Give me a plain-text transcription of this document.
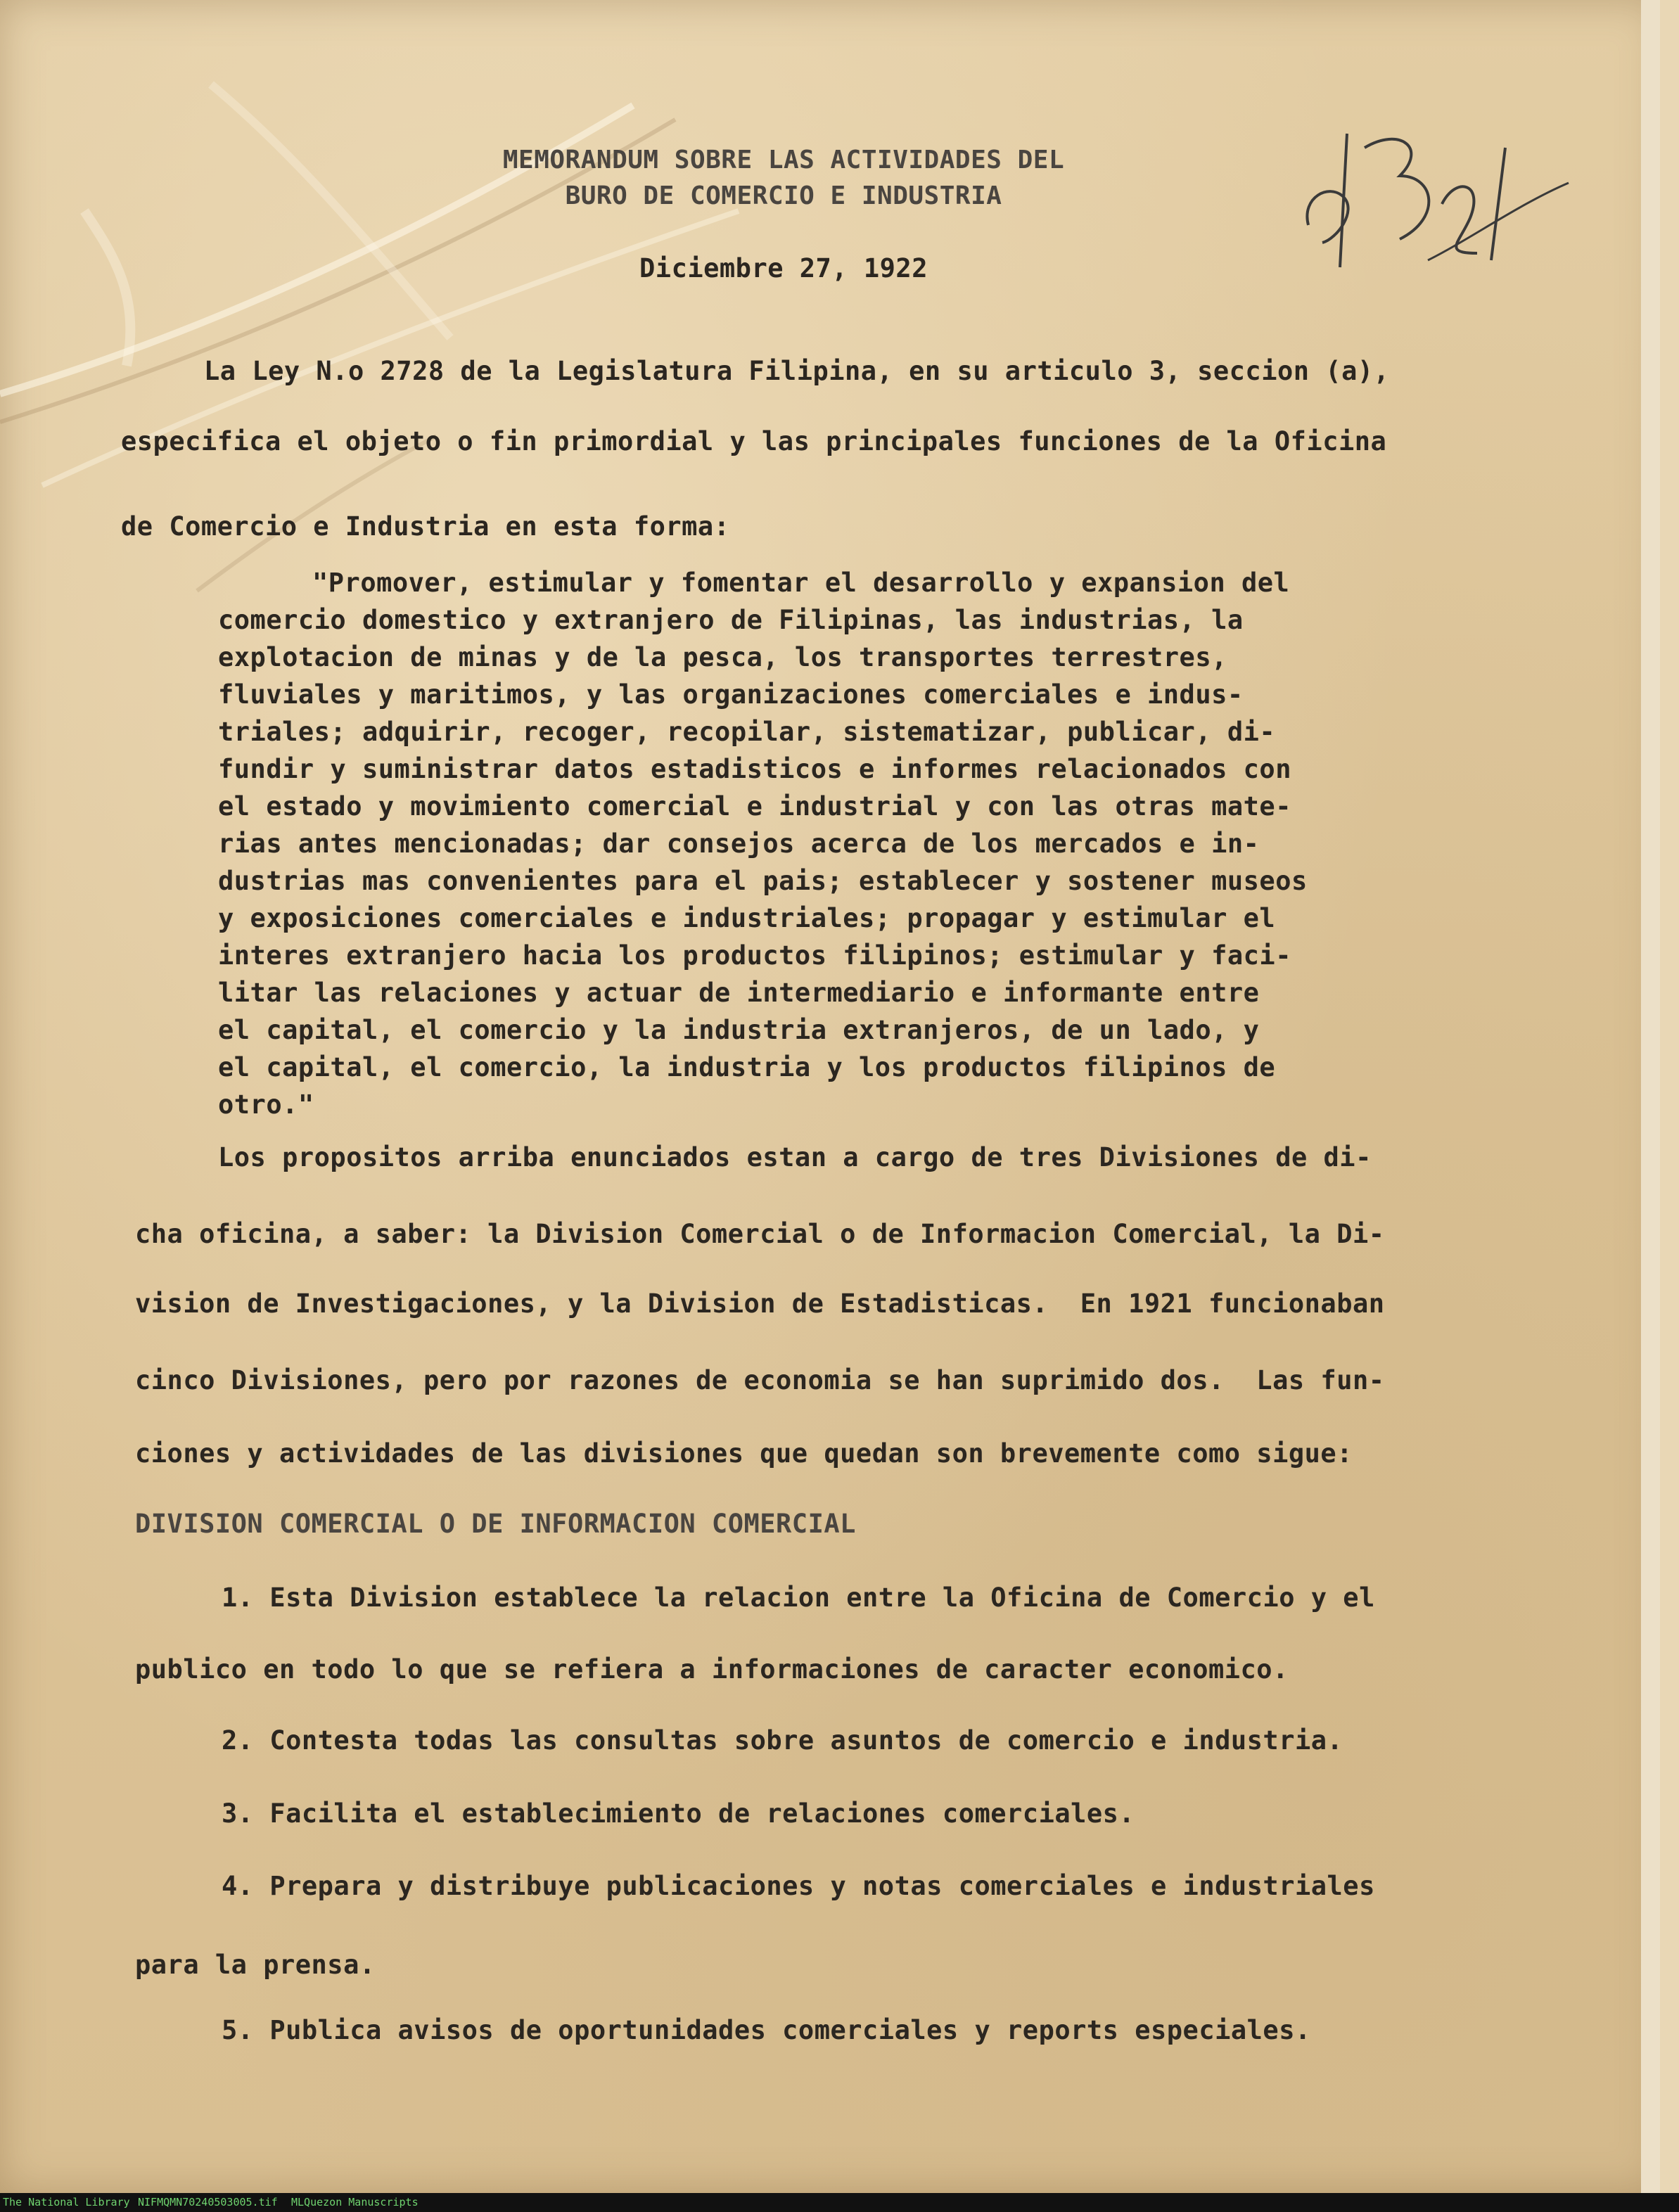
MEMORANDUM SOBRE LAS ACTIVIDADES DEL
BURO DE COMERCIO E INDUSTRIA
Diciembre 27, 1922
La Ley N.o 2728 de la Legislatura Filipina, en su articulo 3, seccion (a),
especifica el objeto o fin primordial y las principales funciones de la Oficina
de Comercio e Industria en esta forma:
"Promover, estimular y fomentar el desarrollo y expansion del
comercio domestico y extranjero de Filipinas, las industrias, la
explotacion de minas y de la pesca, los transportes terrestres,
fluviales y maritimos, y las organizaciones comerciales e indus-
triales; adquirir, recoger, recopilar, sistematizar, publicar, di-
fundir y suministrar datos estadisticos e informes relacionados con
el estado y movimiento comercial e industrial y con las otras mate-
rias antes mencionadas; dar consejos acerca de los mercados e in-
dustrias mas convenientes para el pais; establecer y sostener museos
y exposiciones comerciales e industriales; propagar y estimular el
interes extranjero hacia los productos filipinos; estimular y faci-
litar las relaciones y actuar de intermediario e informante entre
el capital, el comercio y la industria extranjeros, de un lado, y
el capital, el comercio, la industria y los productos filipinos de
otro."
Los propositos arriba enunciados estan a cargo de tres Divisiones de di-
cha oficina, a saber: la Division Comercial o de Informacion Comercial, la Di-
vision de Investigaciones, y la Division de Estadisticas.  En 1921 funcionaban
cinco Divisiones, pero por razones de economia se han suprimido dos.  Las fun-
ciones y actividades de las divisiones que quedan son brevemente como sigue:
DIVISION COMERCIAL O DE INFORMACION COMERCIAL
1. Esta Division establece la relacion entre la Oficina de Comercio y el
publico en todo lo que se refiera a informaciones de caracter economico.
2. Contesta todas las consultas sobre asuntos de comercio e industria.
3. Facilita el establecimiento de relaciones comerciales.
4. Prepara y distribuye publicaciones y notas comerciales e industriales
para la prensa.
5. Publica avisos de oportunidades comerciales y reports especiales.
The National Library NIFMQMN70240503005.tif MLQuezon Manuscripts
